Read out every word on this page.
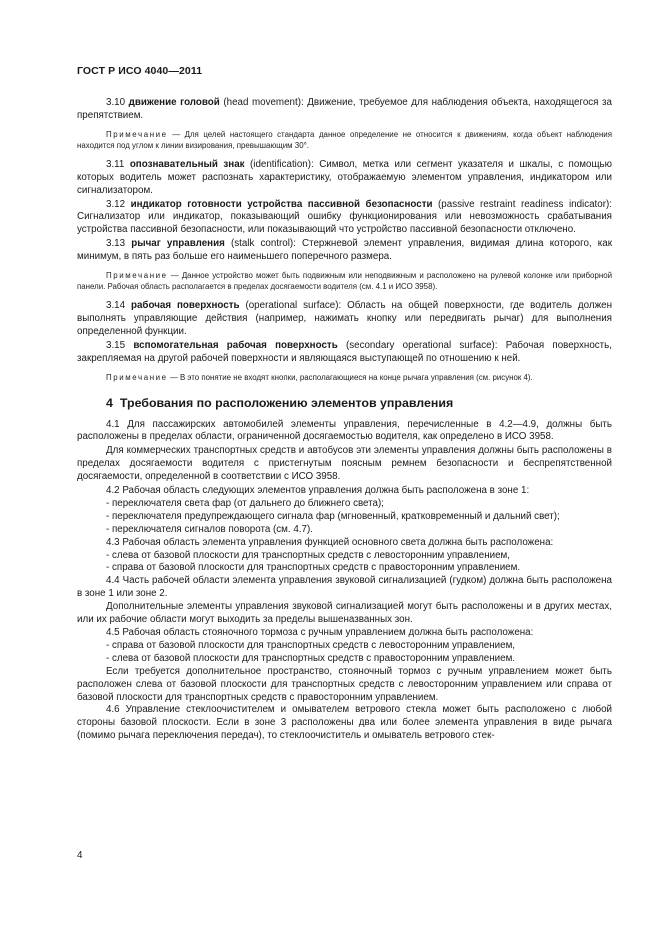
ГОСТ Р ИСО 4040—2011

3.10 движение головой (head movement): Движение, требуемое для наблюдения объекта, находящегося за препятствием.

Примечание — Для целей настоящего стандарта данное определение не относится к движениям, когда объект наблюдения находится под углом к линии визирования, превышающим 30°.

3.11 опознавательный знак (identification): Символ, метка или сегмент указателя и шкалы, с помощью которых водитель может распознать характеристику, отображаемую элементом управления, индикатором или сигнализатором.

3.12 индикатор готовности устройства пассивной безопасности (passive restraint readiness indicator): Сигнализатор или индикатор, показывающий ошибку функционирования или невозможность срабатывания устройства пассивной безопасности, или показывающий что устройство пассивной безопасности отключено.

3.13 рычаг управления (stalk control): Стержневой элемент управления, видимая длина которого, как минимум, в пять раз больше его наименьшего поперечного размера.

Примечание — Данное устройство может быть подвижным или неподвижным и расположено на рулевой колонке или приборной панели. Рабочая область располагается в пределах досягаемости водителя (см. 4.1 и ИСО 3958).

3.14 рабочая поверхность (operational surface): Область на общей поверхности, где водитель должен выполнять управляющие действия (например, нажимать кнопку или передвигать рычаг) для выполнения определенной функции.

3.15 вспомогательная рабочая поверхность (secondary operational surface): Рабочая поверхность, закрепляемая на другой рабочей поверхности и являющаяся выступающей по отношению к ней.

Примечание — В это понятие не входят кнопки, располагающиеся на конце рычага управления (см. рисунок 4).

4 Требования по расположению элементов управления

4.1 Для пассажирских автомобилей элементы управления, перечисленные в 4.2—4.9, должны быть расположены в пределах области, ограниченной досягаемостью водителя, как определено в ИСО 3958.

Для коммерческих транспортных средств и автобусов эти элементы управления должны быть расположены в пределах досягаемости водителя с пристегнутым поясным ремнем безопасности и беспрепятственной досягаемости, определенной в соответствии с ИСО 3958.

4.2 Рабочая область следующих элементов управления должна быть расположена в зоне 1:

- переключателя света фар (от дальнего до ближнего света);

- переключателя предупреждающего сигнала фар (мгновенный, кратковременный и дальний свет);

- переключателя сигналов поворота (см. 4.7).

4.3 Рабочая область элемента управления функцией основного света должна быть расположена:

- слева от базовой плоскости для транспортных средств с левосторонним управлением,

- справа от базовой плоскости для транспортных средств с правосторонним управлением.

4.4 Часть рабочей области элемента управления звуковой сигнализацией (гудком) должна быть расположена в зоне 1 или зоне 2.

Дополнительные элементы управления звуковой сигнализацией могут быть расположены и в других местах, или их рабочие области могут выходить за пределы вышеназванных зон.

4.5 Рабочая область стояночного тормоза с ручным управлением должна быть расположена:

- справа от базовой плоскости для транспортных средств с левосторонним управлением,

- слева от базовой плоскости для транспортных средств с правосторонним управлением.

Если требуется дополнительное пространство, стояночный тормоз с ручным управлением может быть расположен слева от базовой плоскости для транспортных средств с левосторонним управлением или справа от базовой плоскости для транспортных средств с правосторонним управлением.

4.6 Управление стеклоочистителем и омывателем ветрового стекла может быть расположено с любой стороны базовой плоскости. Если в зоне 3 расположены два или более элемента управления в виде рычага (помимо рычага переключения передач), то стеклоочиститель и омыватель ветрового стек-

4
